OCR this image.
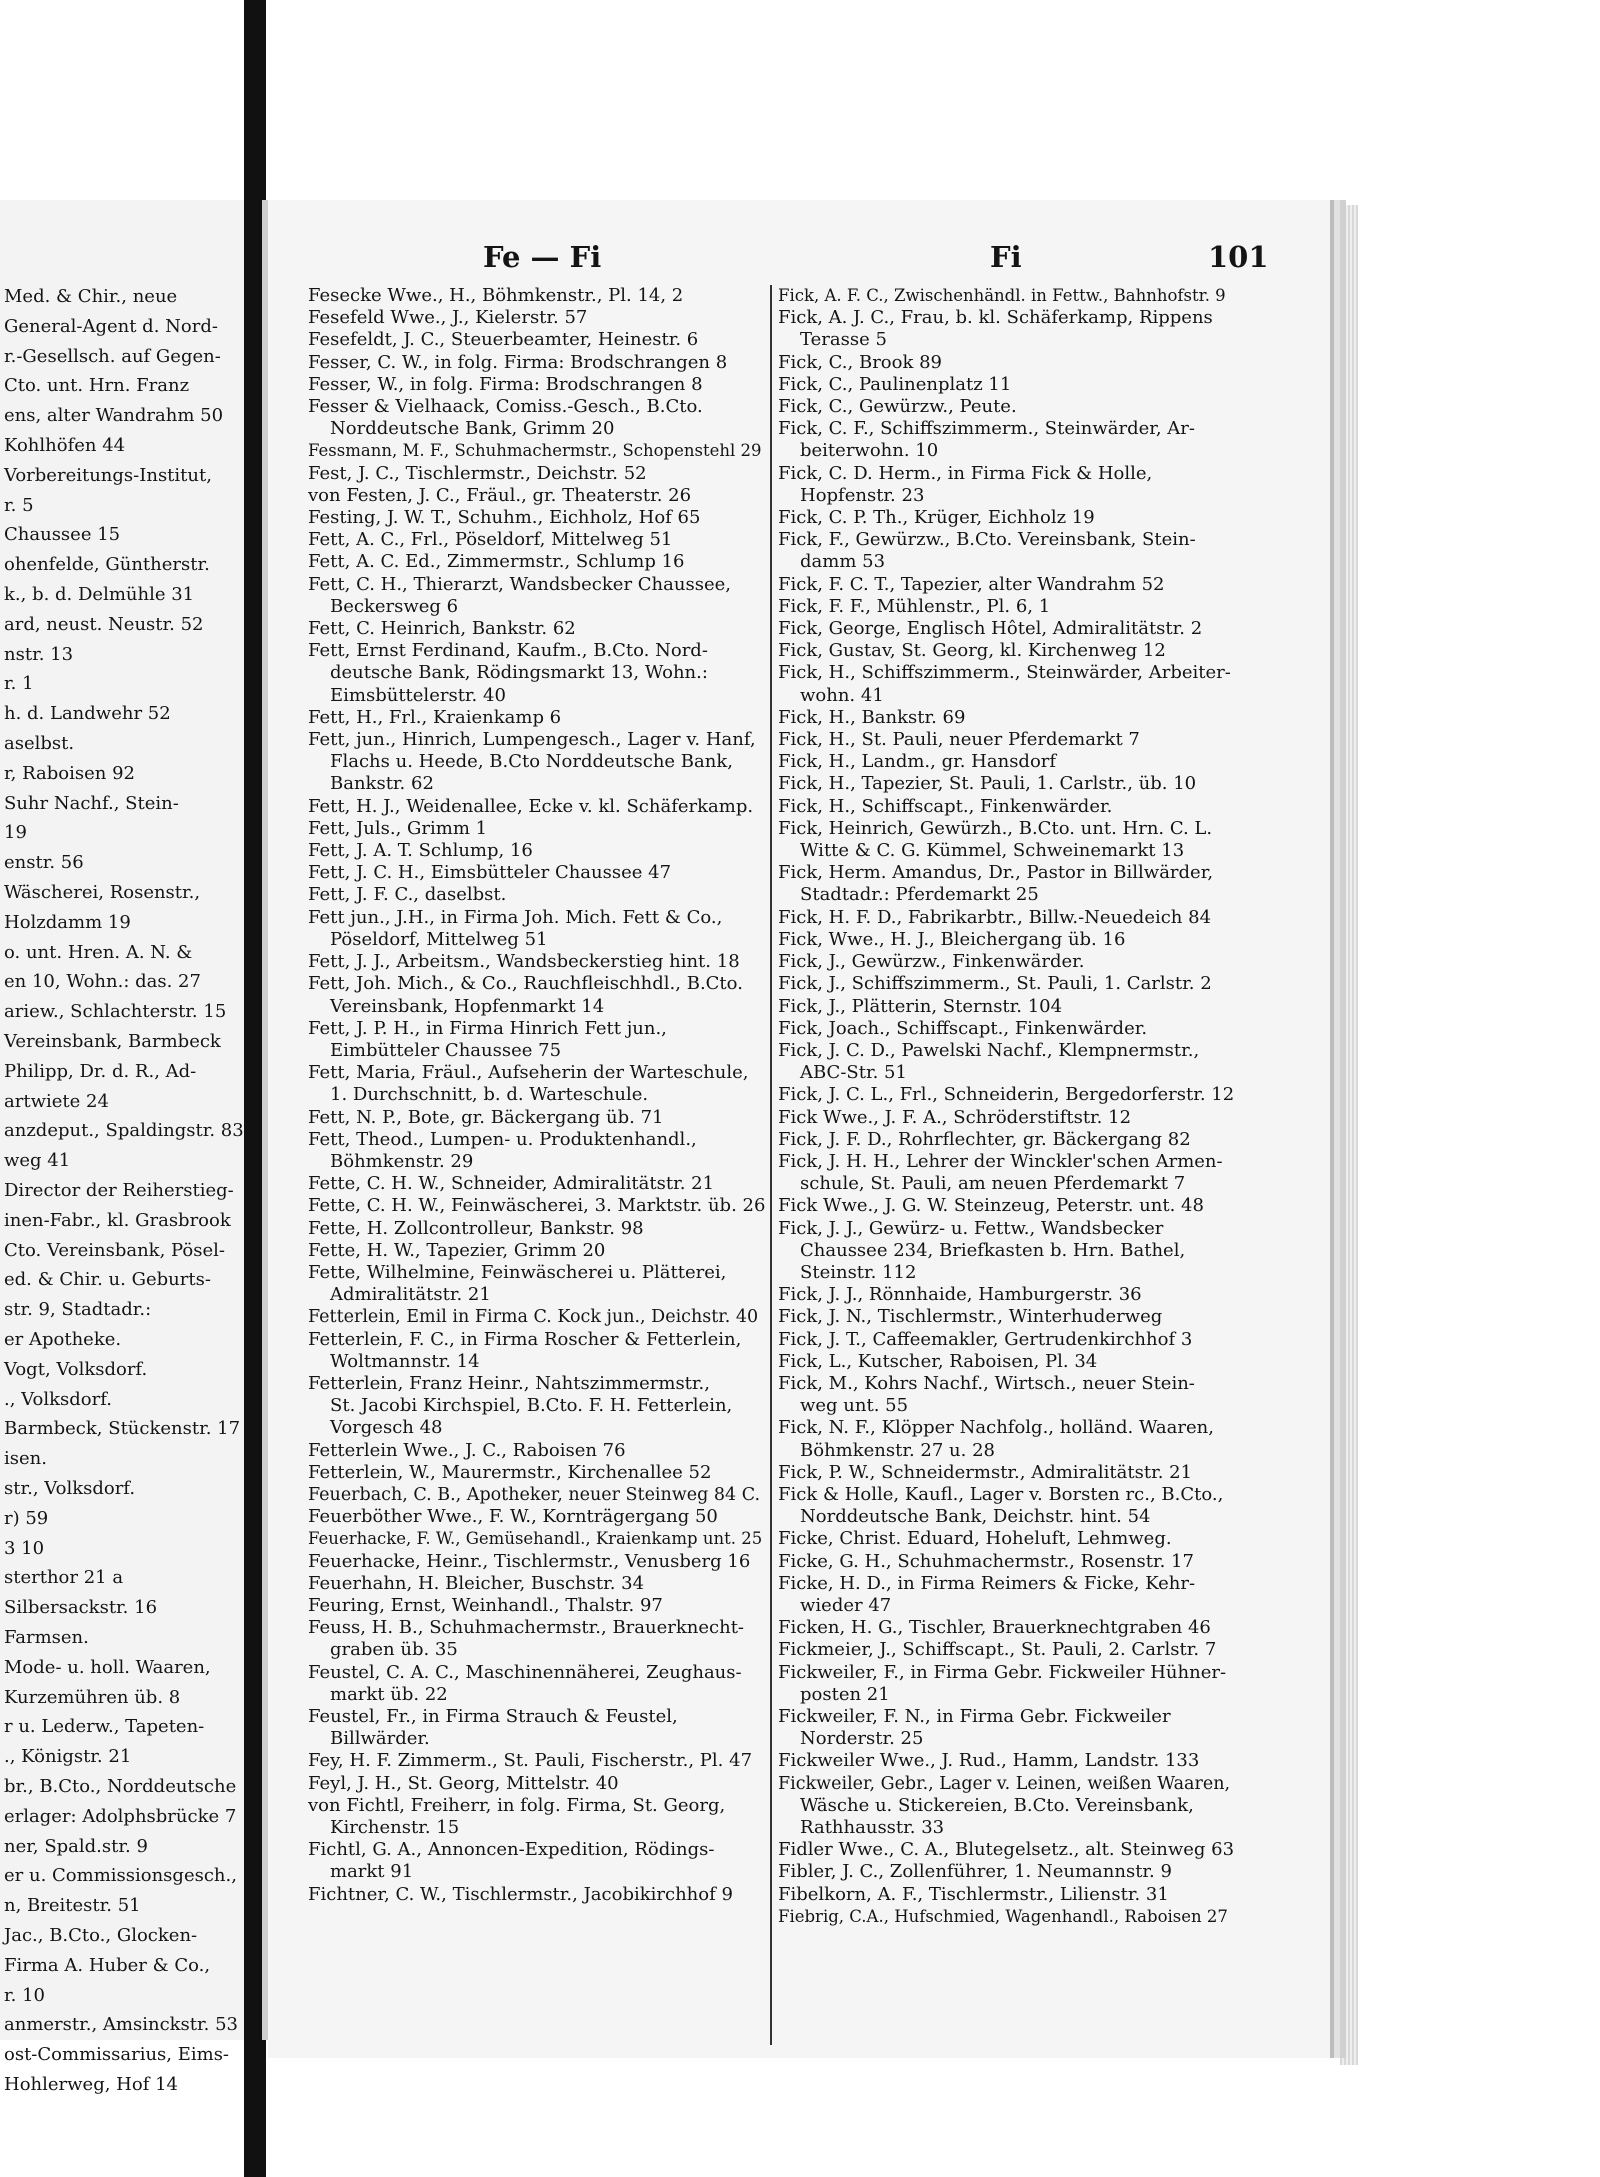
Med. & Chir., neue
General-Agent d. Nord-
r.-Gesellsch. auf Gegen-
Cto. unt. Hrn. Franz
ens, alter Wandrahm 50
Kohlhöfen 44
Vorbereitungs-Institut,
r. 5
Chaussee 15
ohenfelde, Güntherstr.
k., b. d. Delmühle 31
ard, neust. Neustr. 52
nstr. 13
r. 1
h. d. Landwehr 52
aselbst.
r, Raboisen 92
Suhr Nachf., Stein-
19
enstr. 56
Wäscherei, Rosenstr.,
Holzdamm 19
o. unt. Hren. A. N. &
en 10, Wohn.: das. 27
ariew., Schlachterstr. 15
Vereinsbank, Barmbeck
Philipp, Dr. d. R., Ad-
artwiete 24
anzdeput., Spaldingstr. 83
weg 41
Director der Reiherstieg-
inen-Fabr., kl. Grasbrook
Cto. Vereinsbank, Pösel-
ed. & Chir. u. Geburts-
str. 9, Stadtadr.:
er Apotheke.
Vogt, Volksdorf.
., Volksdorf.
Barmbeck, Stückenstr. 17
isen.
str., Volksdorf.
r) 59
3 10
sterthor 21 a
Silbersackstr. 16
Farmsen.
Mode- u. holl. Waaren,
Kurzemühren üb. 8
r u. Lederw., Tapeten-
., Königstr. 21
br., B.Cto., Norddeutsche
erlager: Adolphsbrücke 7
ner, Spald.str. 9
er u. Commissionsgesch.,
n, Breitestr. 51
Jac., B.Cto., Glocken-
Firma A. Huber & Co.,
r. 10
anmerstr., Amsinckstr. 53
ost-Commissarius, Eims-
Hohlerweg, Hof 14
Fe — Fi	Fi	101
Fesecke Wwe., H., Böhmkenstr., Pl. 14, 2
Fesefeld Wwe., J., Kielerstr. 57
Fesefeldt, J. C., Steuerbeamter, Heinestr. 6
Fesser, C. W., in folg. Firma: Brodschrangen 8
Fesser, W., in folg. Firma: Brodschrangen 8
Fesser & Vielhaack, Comiss.-Gesch., B.Cto.
Norddeutsche Bank, Grimm 20
Fessmann, M. F., Schuhmachermstr., Schopenstehl 29
Fest, J. C., Tischlermstr., Deichstr. 52
von Festen, J. C., Fräul., gr. Theaterstr. 26
Festing, J. W. T., Schuhm., Eichholz, Hof 65
Fett, A. C., Frl., Pöseldorf, Mittelweg 51
Fett, A. C. Ed., Zimmermstr., Schlump 16
Fett, C. H., Thierarzt, Wandsbecker Chaussee,
Beckersweg 6
Fett, C. Heinrich, Bankstr. 62
Fett, Ernst Ferdinand, Kaufm., B.Cto. Nord-
deutsche Bank, Rödingsmarkt 13, Wohn.:
Eimsbüttelerstr. 40
Fett, H., Frl., Kraienkamp 6
Fett, jun., Hinrich, Lumpengesch., Lager v. Hanf,
Flachs u. Heede, B.Cto Norddeutsche Bank,
Bankstr. 62
Fett, H. J., Weidenallee, Ecke v. kl. Schäferkamp.
Fett, Juls., Grimm 1
Fett, J. A. T. Schlump, 16
Fett, J. C. H., Eimsbütteler Chaussee 47
Fett, J. F. C., daselbst.
Fett jun., J.H., in Firma Joh. Mich. Fett & Co.,
Pöseldorf, Mittelweg 51
Fett, J. J., Arbeitsm., Wandsbeckerstieg hint. 18
Fett, Joh. Mich., & Co., Rauchfleischhdl., B.Cto.
Vereinsbank, Hopfenmarkt 14
Fett, J. P. H., in Firma Hinrich Fett jun.,
Eimbütteler Chaussee 75
Fett, Maria, Fräul., Aufseherin der Warteschule,
1. Durchschnitt, b. d. Warteschule.
Fett, N. P., Bote, gr. Bäckergang üb. 71
Fett, Theod., Lumpen- u. Produktenhandl.,
Böhmkenstr. 29
Fette, C. H. W., Schneider, Admiralitätstr. 21
Fette, C. H. W., Feinwäscherei, 3. Marktstr. üb. 26
Fette, H. Zollcontrolleur, Bankstr. 98
Fette, H. W., Tapezier, Grimm 20
Fette, Wilhelmine, Feinwäscherei u. Plätterei,
Admiralitätstr. 21
Fetterlein, Emil in Firma C. Kock jun., Deichstr. 40
Fetterlein, F. C., in Firma Roscher & Fetterlein,
Woltmannstr. 14
Fetterlein, Franz Heinr., Nahtszimmermstr.,
St. Jacobi Kirchspiel, B.Cto. F. H. Fetterlein,
Vorgesch 48
Fetterlein Wwe., J. C., Raboisen 76
Fetterlein, W., Maurermstr., Kirchenallee 52
Feuerbach, C. B., Apotheker, neuer Steinweg 84 C.
Feuerböther Wwe., F. W., Kornträgergang 50
Feuerhacke, F. W., Gemüsehandl., Kraienkamp unt. 25
Feuerhacke, Heinr., Tischlermstr., Venusberg 16
Feuerhahn, H. Bleicher, Buschstr. 34
Feuring, Ernst, Weinhandl., Thalstr. 97
Feuss, H. B., Schuhmachermstr., Brauerknecht-
graben üb. 35
Feustel, C. A. C., Maschinennäherei, Zeughaus-
markt üb. 22
Feustel, Fr., in Firma Strauch & Feustel,
Billwärder.
Fey, H. F. Zimmerm., St. Pauli, Fischerstr., Pl. 47
Feyl, J. H., St. Georg, Mittelstr. 40
von Fichtl, Freiherr, in folg. Firma, St. Georg,
Kirchenstr. 15
Fichtl, G. A., Annoncen-Expedition, Rödings-
markt 91
Fichtner, C. W., Tischlermstr., Jacobikirchhof 9
Fick, A. F. C., Zwischenhändl. in Fettw., Bahnhofstr. 9
Fick, A. J. C., Frau, b. kl. Schäferkamp, Rippens
Terasse 5
Fick, C., Brook 89
Fick, C., Paulinenplatz 11
Fick, C., Gewürzw., Peute.
Fick, C. F., Schiffszimmerm., Steinwärder, Ar-
beiterwohn. 10
Fick, C. D. Herm., in Firma Fick & Holle,
Hopfenstr. 23
Fick, C. P. Th., Krüger, Eichholz 19
Fick, F., Gewürzw., B.Cto. Vereinsbank, Stein-
damm 53
Fick, F. C. T., Tapezier, alter Wandrahm 52
Fick, F. F., Mühlenstr., Pl. 6, 1
Fick, George, Englisch Hôtel, Admiralitätstr. 2
Fick, Gustav, St. Georg, kl. Kirchenweg 12
Fick, H., Schiffszimmerm., Steinwärder, Arbeiter-
wohn. 41
Fick, H., Bankstr. 69
Fick, H., St. Pauli, neuer Pferdemarkt 7
Fick, H., Landm., gr. Hansdorf
Fick, H., Tapezier, St. Pauli, 1. Carlstr., üb. 10
Fick, H., Schiffscapt., Finkenwärder.
Fick, Heinrich, Gewürzh., B.Cto. unt. Hrn. C. L.
Witte & C. G. Kümmel, Schweinemarkt 13
Fick, Herm. Amandus, Dr., Pastor in Billwärder,
Stadtadr.: Pferdemarkt 25
Fick, H. F. D., Fabrikarbtr., Billw.-Neuedeich 84
Fick, Wwe., H. J., Bleichergang üb. 16
Fick, J., Gewürzw., Finkenwärder.
Fick, J., Schiffszimmerm., St. Pauli, 1. Carlstr. 2
Fick, J., Plätterin, Sternstr. 104
Fick, Joach., Schiffscapt., Finkenwärder.
Fick, J. C. D., Pawelski Nachf., Klempnermstr.,
ABC-Str. 51
Fick, J. C. L., Frl., Schneiderin, Bergedorferstr. 12
Fick Wwe., J. F. A., Schröderstiftstr. 12
Fick, J. F. D., Rohrflechter, gr. Bäckergang 82
Fick, J. H. H., Lehrer der Winckler'schen Armen-
schule, St. Pauli, am neuen Pferdemarkt 7
Fick Wwe., J. G. W. Steinzeug, Peterstr. unt. 48
Fick, J. J., Gewürz- u. Fettw., Wandsbecker
Chaussee 234, Briefkasten b. Hrn. Bathel,
Steinstr. 112
Fick, J. J., Rönnhaide, Hamburgerstr. 36
Fick, J. N., Tischlermstr., Winterhuderweg
Fick, J. T., Caffeemakler, Gertrudenkirchhof 3
Fick, L., Kutscher, Raboisen, Pl. 34
Fick, M., Kohrs Nachf., Wirtsch., neuer Stein-
weg unt. 55
Fick, N. F., Klöpper Nachfolg., holländ. Waaren,
Böhmkenstr. 27 u. 28
Fick, P. W., Schneidermstr., Admiralitätstr. 21
Fick & Holle, Kaufl., Lager v. Borsten rc., B.Cto.,
Norddeutsche Bank, Deichstr. hint. 54
Ficke, Christ. Eduard, Hoheluft, Lehmweg.
Ficke, G. H., Schuhmachermstr., Rosenstr. 17
Ficke, H. D., in Firma Reimers & Ficke, Kehr-
wieder 47
Ficken, H. G., Tischler, Brauerknechtgraben 46
Fickmeier, J., Schiffscapt., St. Pauli, 2. Carlstr. 7
Fickweiler, F., in Firma Gebr. Fickweiler Hühner-
posten 21
Fickweiler, F. N., in Firma Gebr. Fickweiler
Norderstr. 25
Fickweiler Wwe., J. Rud., Hamm, Landstr. 133
Fickweiler, Gebr., Lager v. Leinen, weißen Waaren,
Wäsche u. Stickereien, B.Cto. Vereinsbank,
Rathhausstr. 33
Fidler Wwe., C. A., Blutegelsetz., alt. Steinweg 63
Fibler, J. C., Zollenführer, 1. Neumannstr. 9
Fibelkorn, A. F., Tischlermstr., Lilienstr. 31
Fiebrig, C.A., Hufschmied, Wagenhandl., Raboisen 27
